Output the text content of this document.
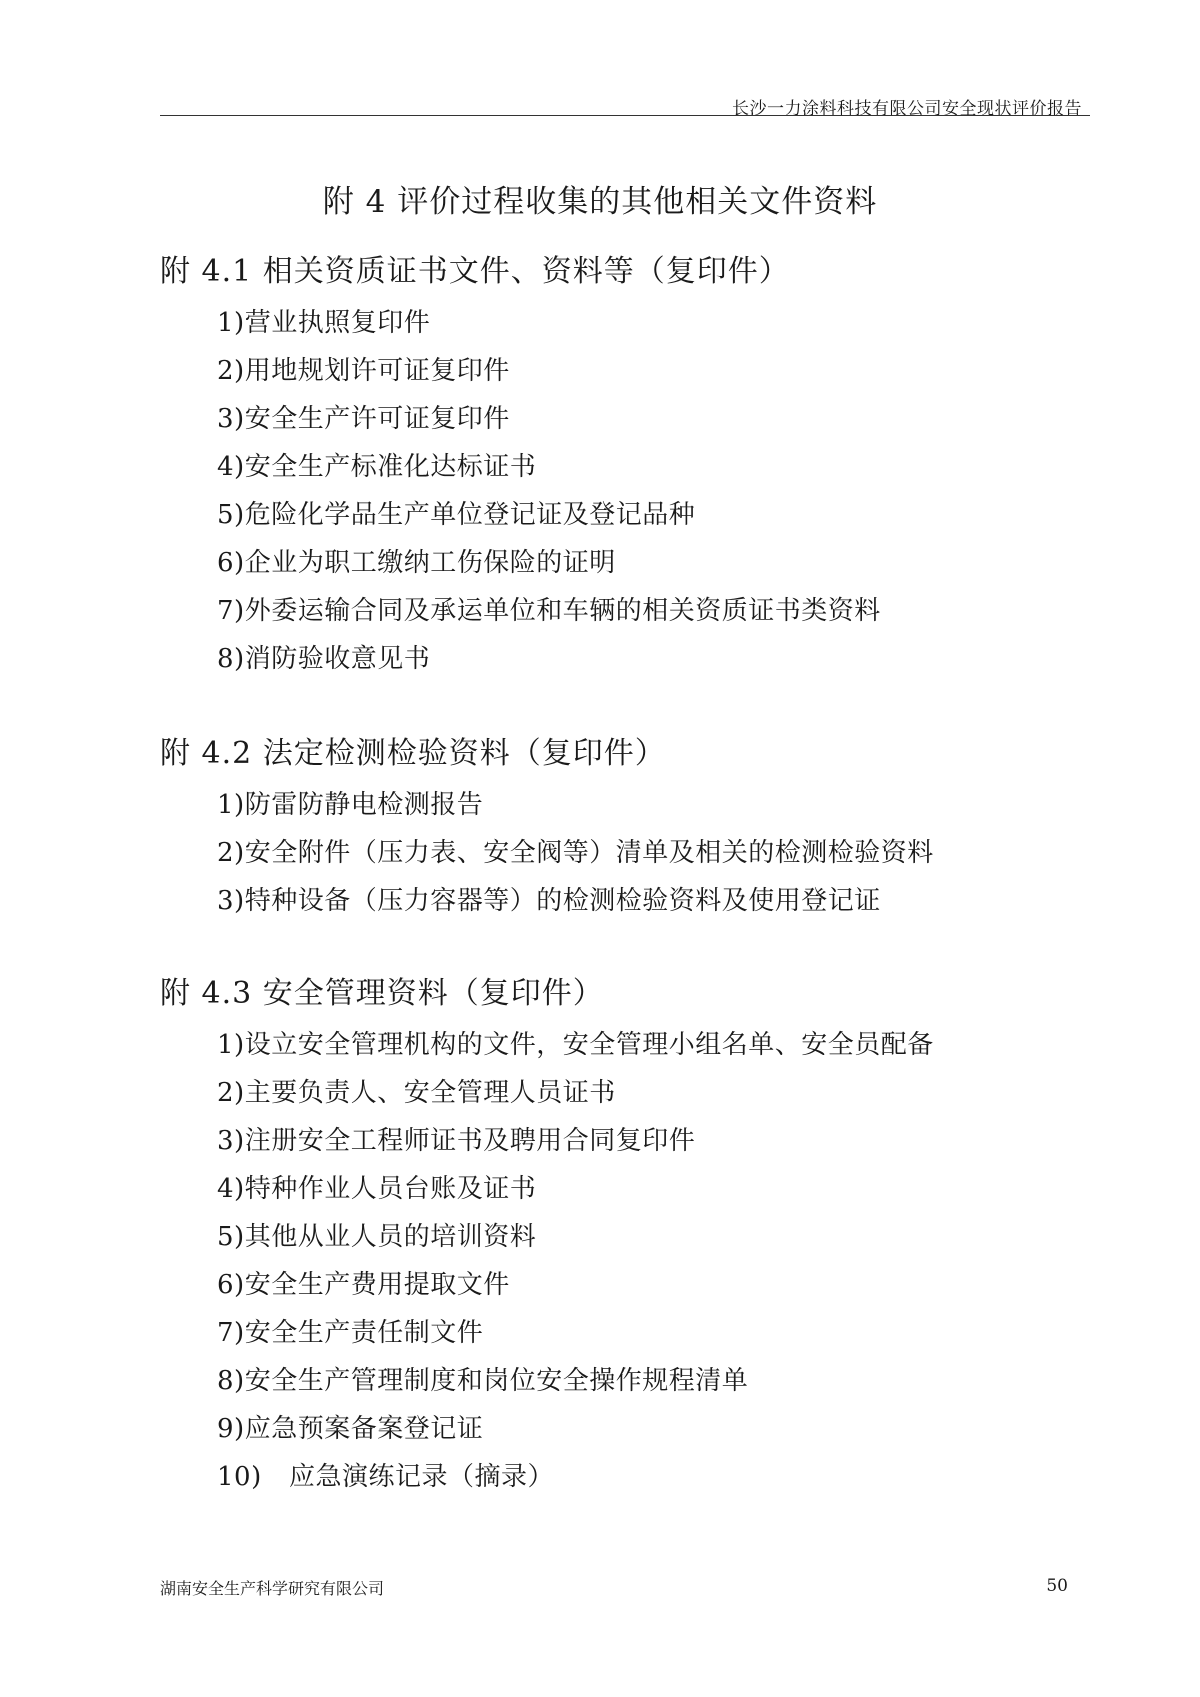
长沙一力涂料科技有限公司安全现状评价报告
附 4 评价过程收集的其他相关文件资料
附 4.1 相关资质证书文件、资料等（复印件）
1)营业执照复印件
2)用地规划许可证复印件
3)安全生产许可证复印件
4)安全生产标准化达标证书
5)危险化学品生产单位登记证及登记品种
6)企业为职工缴纳工伤保险的证明
7)外委运输合同及承运单位和车辆的相关资质证书类资料
8)消防验收意见书
附 4.2 法定检测检验资料（复印件）
1)防雷防静电检测报告
2)安全附件（压力表、安全阀等）清单及相关的检测检验资料
3)特种设备（压力容器等）的检测检验资料及使用登记证
附 4.3 安全管理资料（复印件）
1)设立安全管理机构的文件，安全管理小组名单、安全员配备
2)主要负责人、安全管理人员证书
3)注册安全工程师证书及聘用合同复印件
4)特种作业人员台账及证书
5)其他从业人员的培训资料
6)安全生产费用提取文件
7)安全生产责任制文件
8)安全生产管理制度和岗位安全操作规程清单
9)应急预案备案登记证
10) 应急演练记录（摘录）
湖南安全生产科学研究有限公司	50
